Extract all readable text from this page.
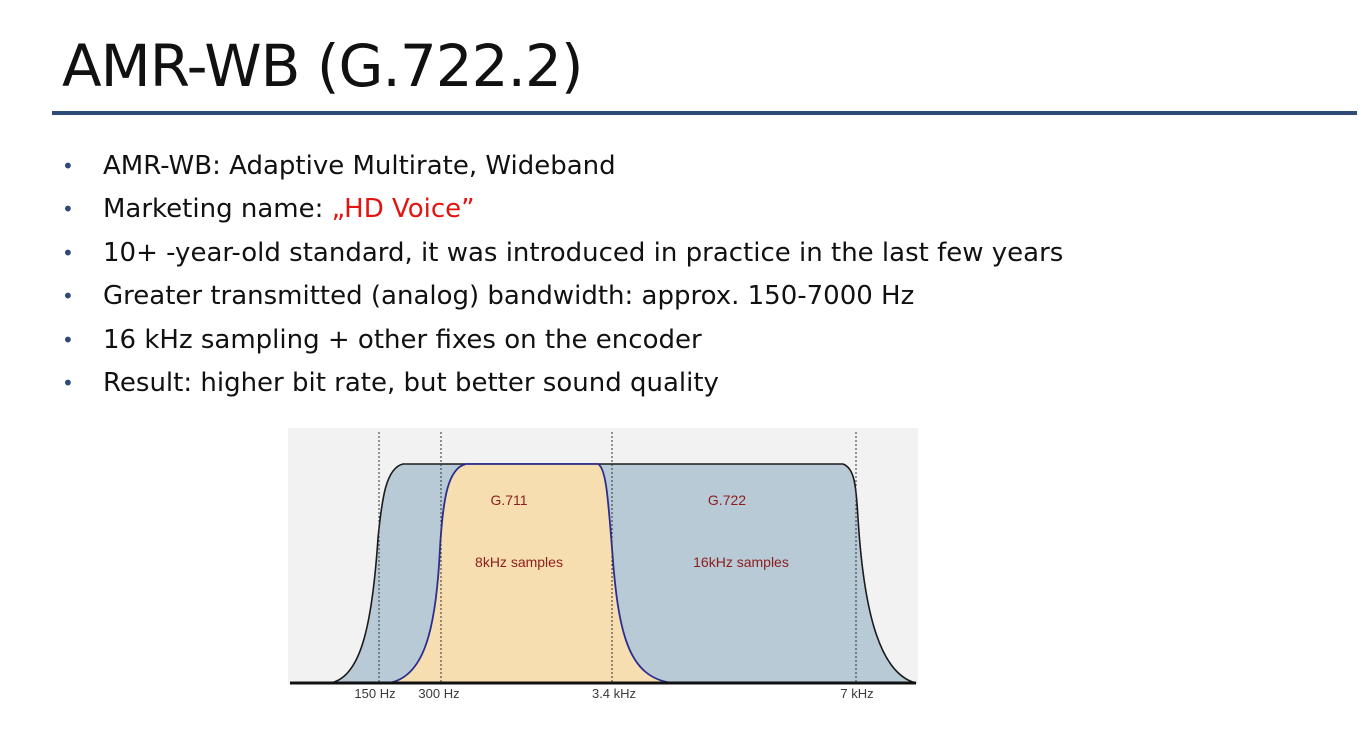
AMR-WB (G.722.2)
• AMR-WB: Adaptive Multirate, Wideband
• Marketing name: „HD Voice”
• 10+ -year-old standard, it was introduced in practice in the last few years
• Greater transmitted (analog) bandwidth: approx. 150-7000 Hz
• 16 kHz sampling + other fixes on the encoder
• Result: higher bit rate, but better sound quality
G.711
8kHz samples
G.722
16kHz samples
150 Hz 300 Hz	3.4 kHz	7 kHz
